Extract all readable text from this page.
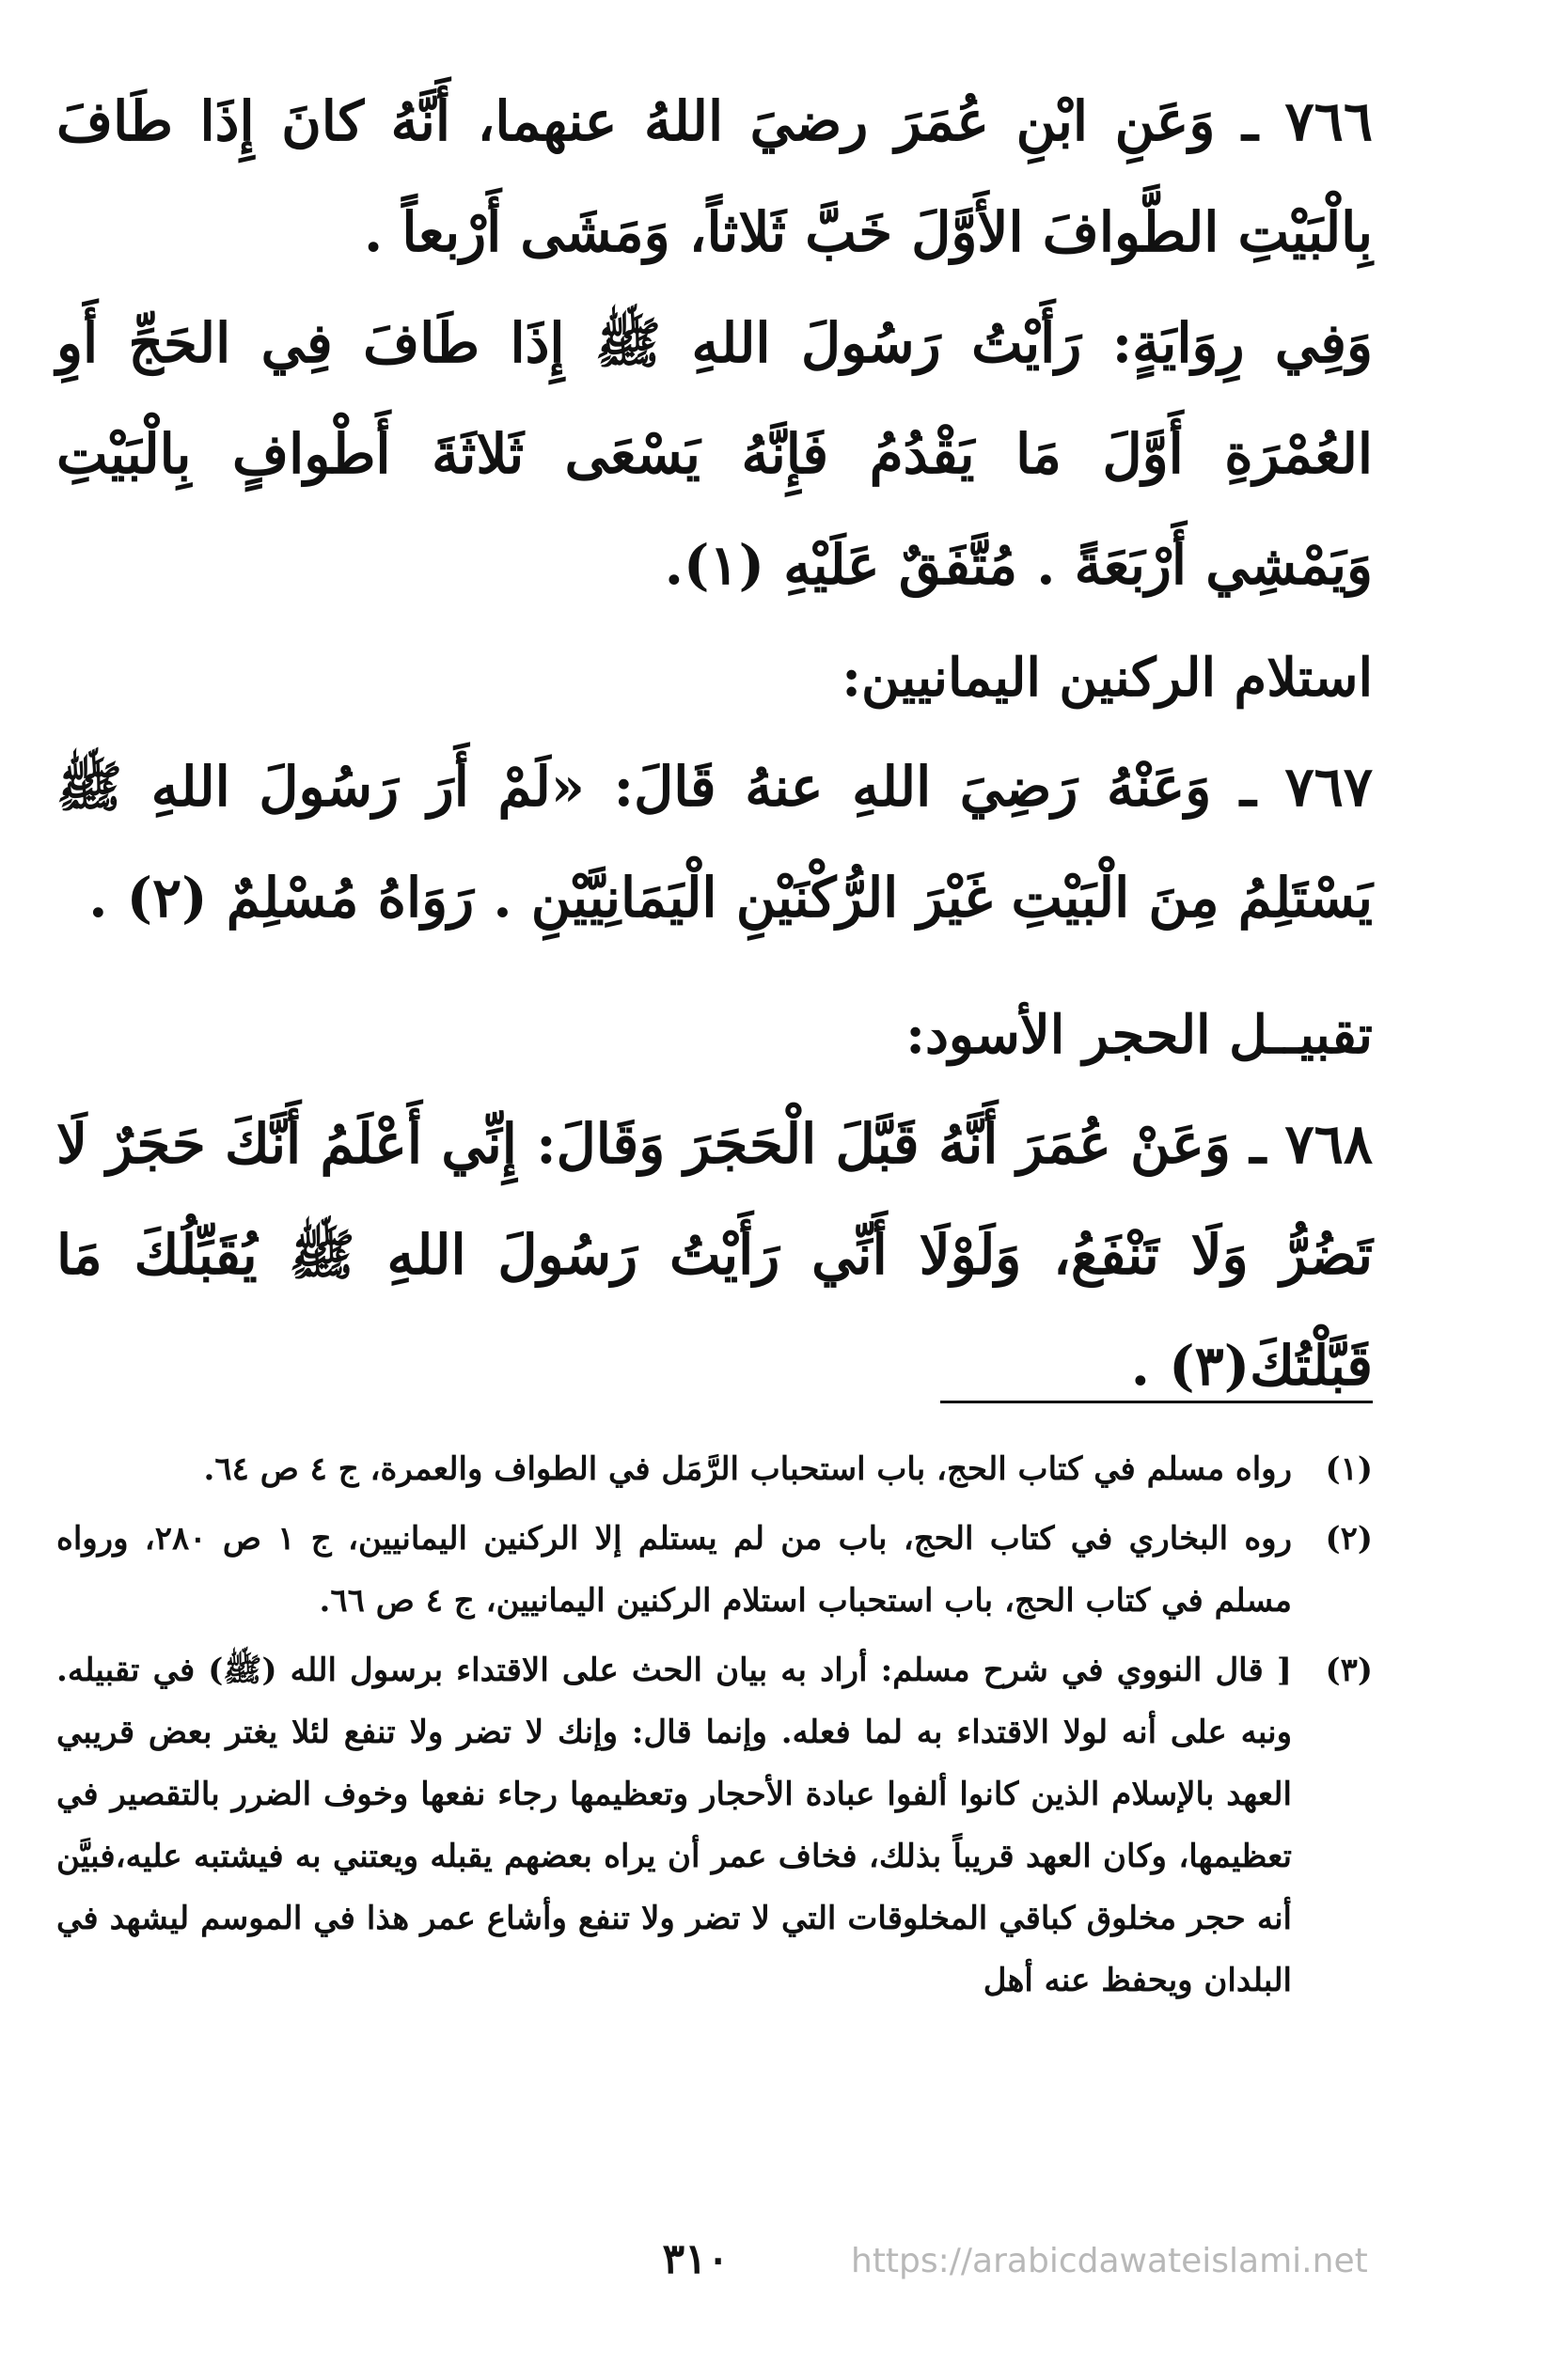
٧٦٦ ـ وَعَنِ ابْنِ عُمَرَ رضيَ اللهُ عنهما، أَنَّهُ كانَ إِذَا طَافَ بِالْبَيْتِ الطَّوافَ الأَوَّلَ خَبَّ ثَلاثاً، وَمَشَى أَرْبعاً .

وَفِي رِوَايَةٍ: رَأَيْتُ رَسُولَ اللهِ ﷺ إِذَا طَافَ فِي الحَجِّ أَوِ العُمْرَةِ أَوَّلَ مَا يَقْدُمُ فَإِنَّهُ يَسْعَى ثَلاثَةَ أَطْوافٍ بِالْبَيْتِ وَيَمْشِي أَرْبَعَةً . مُتَّفَقٌ عَلَيْهِ (١).

استلام الركنين اليمانيين:

٧٦٧ ـ وَعَنْهُ رَضِيَ اللهِ عنهُ قَالَ: «لَمْ أَرَ رَسُولَ اللهِ ﷺ يَسْتَلِمُ مِنَ الْبَيْتِ غَيْرَ الرُّكْنَيْنِ الْيَمَانِيَّيْنِ . رَوَاهُ مُسْلِمٌ (٢) .

تقبيــل الحجر الأسود:

٧٦٨ ـ وَعَنْ عُمَرَ أَنَّهُ قَبَّلَ الْحَجَرَ وَقَالَ: إِنِّي أَعْلَمُ أَنَّكَ حَجَرٌ لَا تَضُرُّ وَلَا تَنْفَعُ، وَلَوْلَا أَنِّي رَأَيْتُ رَسُولَ اللهِ ﷺ يُقَبِّلُكَ مَا قَبَّلْتُكَ(٣) .

(١)
رواه مسلم في كتاب الحج، باب استحباب الرَّمَل في الطواف والعمرة، ج ٤ ص ٦٤.
(٢)
روه البخاري في كتاب الحج، باب من لم يستلم إلا الركنين اليمانيين، ج ١ ص ٢٨٠، ورواه مسلم في كتاب الحج، باب استحباب استلام الركنين اليمانيين، ج ٤ ص ٦٦.
(٣)
[ قال النووي في شرح مسلم: أراد به بيان الحث على الاقتداء برسول الله (ﷺ) في تقبيله. ونبه على أنه لولا الاقتداء به لما فعله. وإنما قال: وإنك لا تضر ولا تنفع لئلا يغتر بعض قريبي العهد بالإسلام الذين كانوا ألفوا عبادة الأحجار وتعظيمها رجاء نفعها وخوف الضرر بالتقصير في تعظيمها، وكان العهد قريباً بذلك، فخاف عمر أن يراه بعضهم يقبله ويعتني به فيشتبه عليه،فبيَّن أنه حجر مخلوق كباقي المخلوقات التي لا تضر ولا تنفع وأشاع عمر هذا في الموسم ليشهد في البلدان ويحفظ عنه أهل
٣١٠	https://arabicdawateislami.net
